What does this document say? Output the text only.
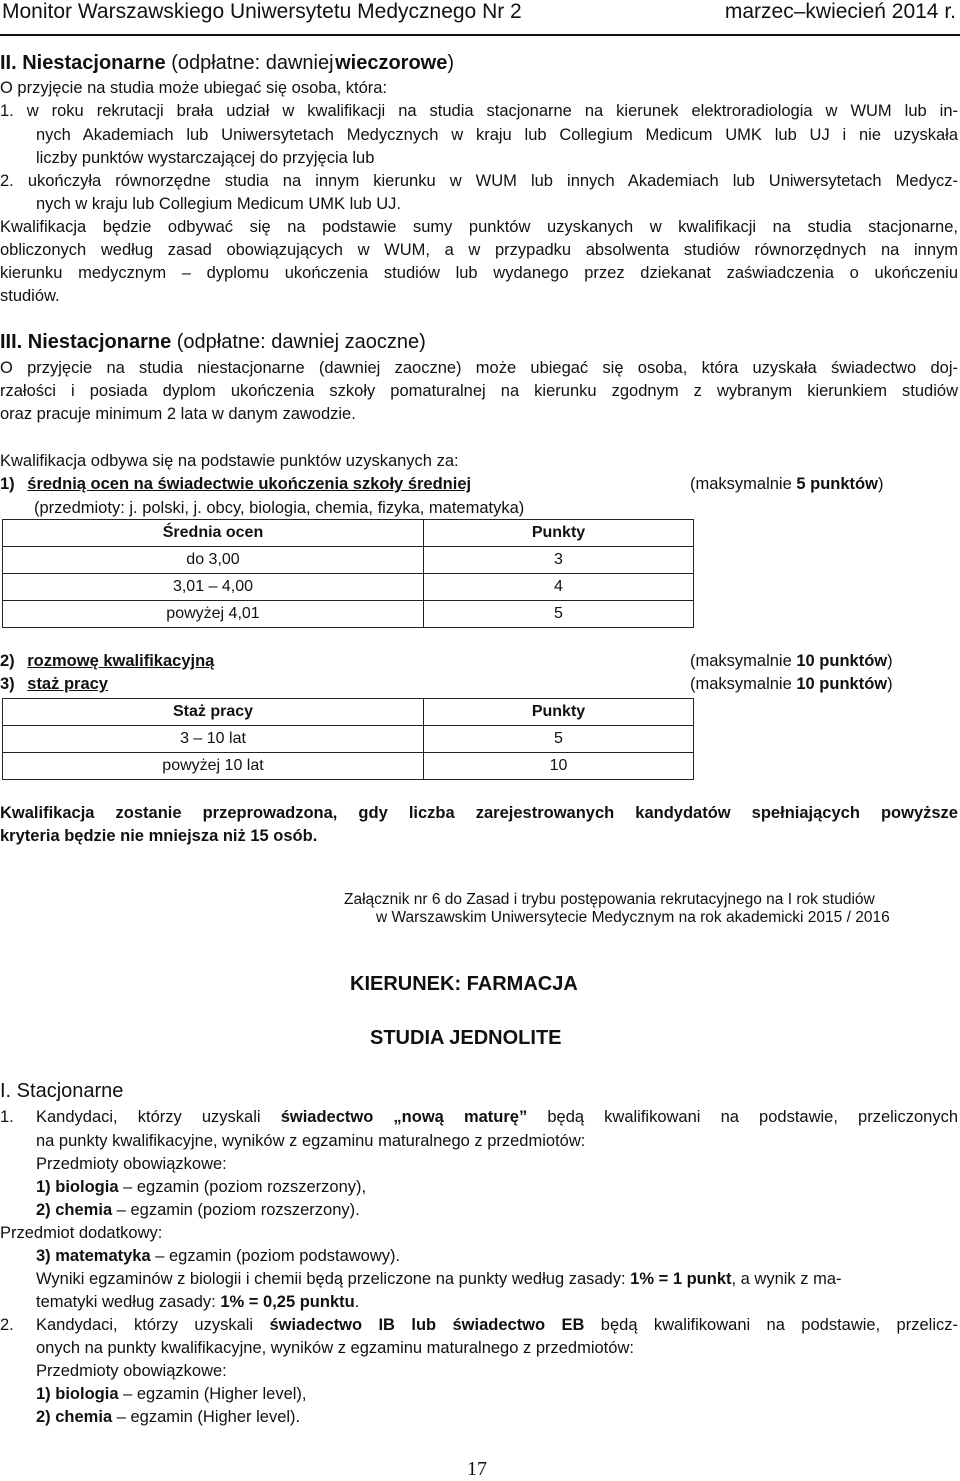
Monitor Warszawskiego Uniwersytetu Medycznego Nr 2	marzec–kwiecień 2014 r.
II. Niestacjonarne (odpłatne: dawniej wieczorowe)
O przyjęcie na studia może ubiegać się osoba, która:
1. w roku rekrutacji brała udział w kwalifikacji na studia stacjonarne na kierunek elektroradiologia w WUM lub in-
nych Akademiach lub Uniwersytetach Medycznych w kraju lub Collegium Medicum UMK lub UJ i nie uzyskała
liczby punktów wystarczającej do przyjęcia lub
2. ukończyła równorzędne studia na innym kierunku w WUM lub innych Akademiach lub Uniwersytetach Medycz-
nych w kraju lub Collegium Medicum UMK lub UJ.
Kwalifikacja będzie odbywać się na podstawie sumy punktów uzyskanych w kwalifikacji na studia stacjonarne,
obliczonych według zasad obowiązujących w WUM, a w przypadku absolwenta studiów równorzędnych na innym
kierunku medycznym – dyplomu ukończenia studiów lub wydanego przez dziekanat zaświadczenia o ukończeniu
studiów.
III. Niestacjonarne (odpłatne: dawniej zaoczne)
O przyjęcie na studia niestacjonarne (dawniej zaoczne) może ubiegać się osoba, która uzyskała świadectwo doj-
rzałości i posiada dyplom ukończenia szkoły pomaturalnej na kierunku zgodnym z wybranym kierunkiem studiów
oraz pracuje minimum 2 lata w danym zawodzie.
Kwalifikacja odbywa się na podstawie punktów uzyskanych za:
1) średnią ocen na świadectwie ukończenia szkoły średniej	(maksymalnie 5 punktów)
(przedmioty: j. polski, j. obcy, biologia, chemia, fizyka, matematyka)
Średnia ocen	Punkty
do 3,00	3
3,01 – 4,00	4
powyżej 4,01	5
2) rozmowę kwalifikacyjną	(maksymalnie 10 punktów)
3) staż pracy	(maksymalnie 10 punktów)
Staż pracy	Punkty
3 – 10 lat	5
powyżej 10 lat	10
Kwalifikacja zostanie przeprowadzona, gdy liczba zarejestrowanych kandydatów spełniających powyższe
kryteria będzie nie mniejsza niż 15 osób.
Załącznik nr 6 do Zasad i trybu postępowania rekrutacyjnego na I rok studiów
w Warszawskim Uniwersytecie Medycznym na rok akademicki 2015 / 2016
KIERUNEK: FARMACJA
STUDIA JEDNOLITE
I. Stacjonarne
1. Kandydaci, którzy uzyskali świadectwo „nową maturę” będą kwalifikowani na podstawie, przeliczonych
na punkty kwalifikacyjne, wyników z egzaminu maturalnego z przedmiotów:
Przedmioty obowiązkowe:
1) biologia – egzamin (poziom rozszerzony),
2) chemia – egzamin (poziom rozszerzony).
Przedmiot dodatkowy:
3) matematyka – egzamin (poziom podstawowy).
Wyniki egzaminów z biologii i chemii będą przeliczone na punkty według zasady: 1% = 1 punkt, a wynik z ma-
tematyki według zasady: 1% = 0,25 punktu.
2. Kandydaci, którzy uzyskali świadectwo IB lub świadectwo EB będą kwalifikowani na podstawie, przelicz-
onych na punkty kwalifikacyjne, wyników z egzaminu maturalnego z przedmiotów:
Przedmioty obowiązkowe:
1) biologia – egzamin (Higher level),
2) chemia – egzamin (Higher level).
17
